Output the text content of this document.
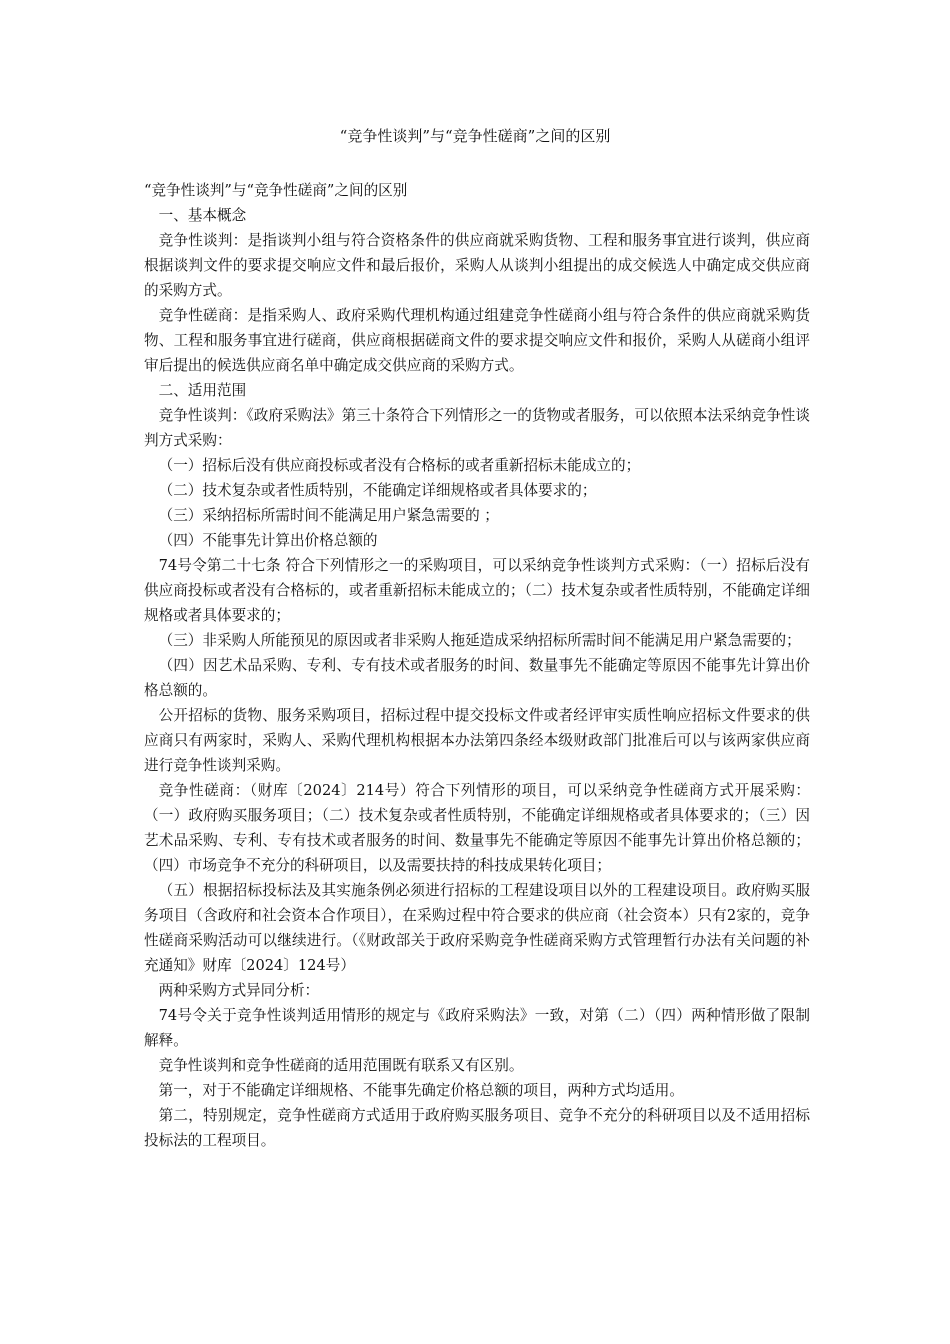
“竞争性谈判”与“竞争性磋商”之间的区别

“竞争性谈判”与“竞争性磋商”之间的区别

一、基本概念

竞争性谈判：是指谈判小组与符合资格条件的供应商就采购货物、工程和服务事宜进行谈判，供应商根据谈判文件的要求提交响应文件和最后报价，采购人从谈判小组提出的成交候选人中确定成交供应商的采购方式。

竞争性磋商：是指采购人、政府采购代理机构通过组建竞争性磋商小组与符合条件的供应商就采购货物、工程和服务事宜进行磋商，供应商根据磋商文件的要求提交响应文件和报价，采购人从磋商小组评审后提出的候选供应商名单中确定成交供应商的采购方式。

二、适用范围

竞争性谈判：《政府采购法》第三十条符合下列情形之一的货物或者服务，可以依照本法采纳竞争性谈判方式采购：

（一）招标后没有供应商投标或者没有合格标的或者重新招标未能成立的；

（二）技术复杂或者性质特别，不能确定详细规格或者具体要求的；

（三）采纳招标所需时间不能满足用户紧急需要的 ；

（四）不能事先计算出价格总额的

74号令第二十七条 符合下列情形之一的采购项目，可以采纳竞争性谈判方式采购：（一）招标后没有供应商投标或者没有合格标的，或者重新招标未能成立的；（二）技术复杂或者性质特别，不能确定详细规格或者具体要求的；

（三）非采购人所能预见的原因或者非采购人拖延造成采纳招标所需时间不能满足用户紧急需要的；

（四）因艺术品采购、专利、专有技术或者服务的时间、数量事先不能确定等原因不能事先计算出价格总额的。

公开招标的货物、服务采购项目，招标过程中提交投标文件或者经评审实质性响应招标文件要求的供应商只有两家时，采购人、采购代理机构根据本办法第四条经本级财政部门批准后可以与该两家供应商进行竞争性谈判采购。

竞争性磋商：（财库〔2024〕214号）符合下列情形的项目，可以采纳竞争性磋商方式开展采购：（一）政府购买服务项目；（二）技术复杂或者性质特别，不能确定详细规格或者具体要求的；（三）因艺术品采购、专利、专有技术或者服务的时间、数量事先不能确定等原因不能事先计算出价格总额的；（四）市场竞争不充分的科研项目，以及需要扶持的科技成果转化项目；

（五）根据招标投标法及其实施条例必须进行招标的工程建设项目以外的工程建设项目。政府购买服务项目（含政府和社会资本合作项目），在采购过程中符合要求的供应商（社会资本）只有2家的，竞争性磋商采购活动可以继续进行。（《财政部关于政府采购竞争性磋商采购方式管理暂行办法有关问题的补充通知》财库〔2024〕124号）

两种采购方式异同分析：

74号令关于竞争性谈判适用情形的规定与《政府采购法》一致，对第（二）（四）两种情形做了限制解释。

竞争性谈判和竞争性磋商的适用范围既有联系又有区别。

第一，对于不能确定详细规格、不能事先确定价格总额的项目，两种方式均适用。

第二，特别规定，竞争性磋商方式适用于政府购买服务项目、竞争不充分的科研项目以及不适用招标投标法的工程项目。
